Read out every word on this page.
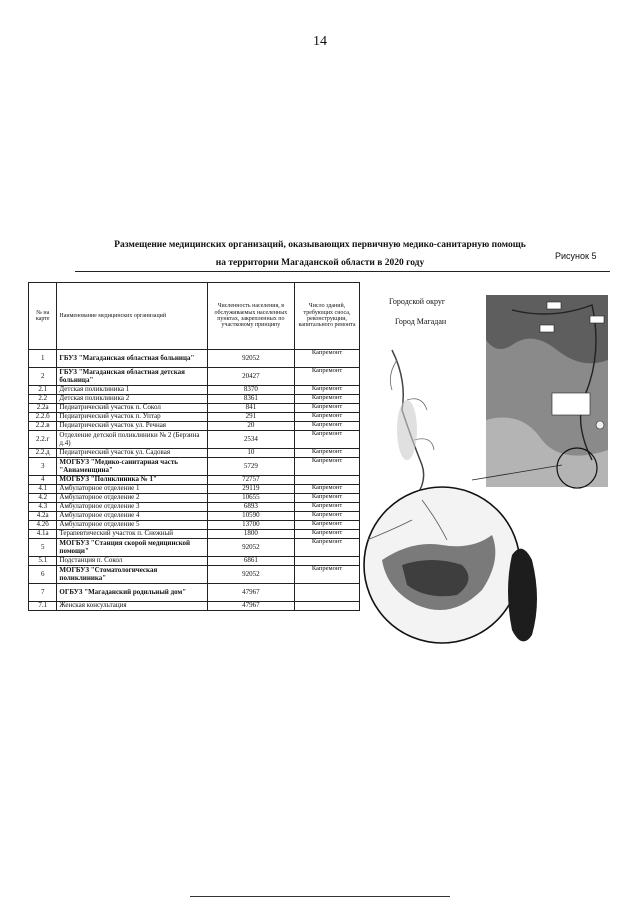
14
Размещение медицинских организаций, оказывающих первичную медико-санитарную помощь
на территории Магаданской области в 2020 году
Рисунок 5
№ на карте	Наименование медицинских организаций	Численность населения, в обслуживаемых населенных пунктах, закрепленных по участковому принципу	Число зданий, требующих сноса, реконструкции, капитального ремонта
1	ГБУЗ "Магаданская областная больница"	92052	Капремонт
2	ГБУЗ "Магаданская областная детская больница"	20427	Капремонт
2.1	Детская поликлиника 1	8370	Капремонт
2.2	Детская поликлиника 2	8361	Капремонт
2.2а	Педиатрический участок п. Сокол	841	Капремонт
2.2.б	Педиатрический участок п. Уптар	291	Капремонт
2.2.в	Педиатрический участок ул. Речная	20	Капремонт
2.2.г	Отделение детской поликлиники № 2 (Берзина д.4)	2534	Капремонт
2.2.д	Педиатрический участок ул. Садовая	10	Капремонт
3	МОГБУЗ "Медико-санитарная часть "Авиаменщина"	5729	Капремонт
4	МОГБУЗ "Поликлиника № 1"	72757	
4.1	Амбулаторное отделение 1	29119	Капремонт
4.2	Амбулаторное отделение 2	10655	Капремонт
4.3	Амбулаторное отделение 3	6893	Капремонт
4.2а	Амбулаторное отделение 4	10590	Капремонт
4.2б	Амбулаторное отделение 5	13700	Капремонт
4.1а	Терапевтический участок п. Снежный	1800	Капремонт
5	МОГБУЗ "Станция скорой медицинской помощи"	92052	Капремонт
5.1	Подстанция п. Сокол	6861	
6	МОГБУЗ "Стоматологическая поликлиника"	92052	Капремонт
7	ОГБУЗ "Магаданский родильный дом"	47967	
7.1	Женская консультация	47967	
Городской округ
Город Магадан
